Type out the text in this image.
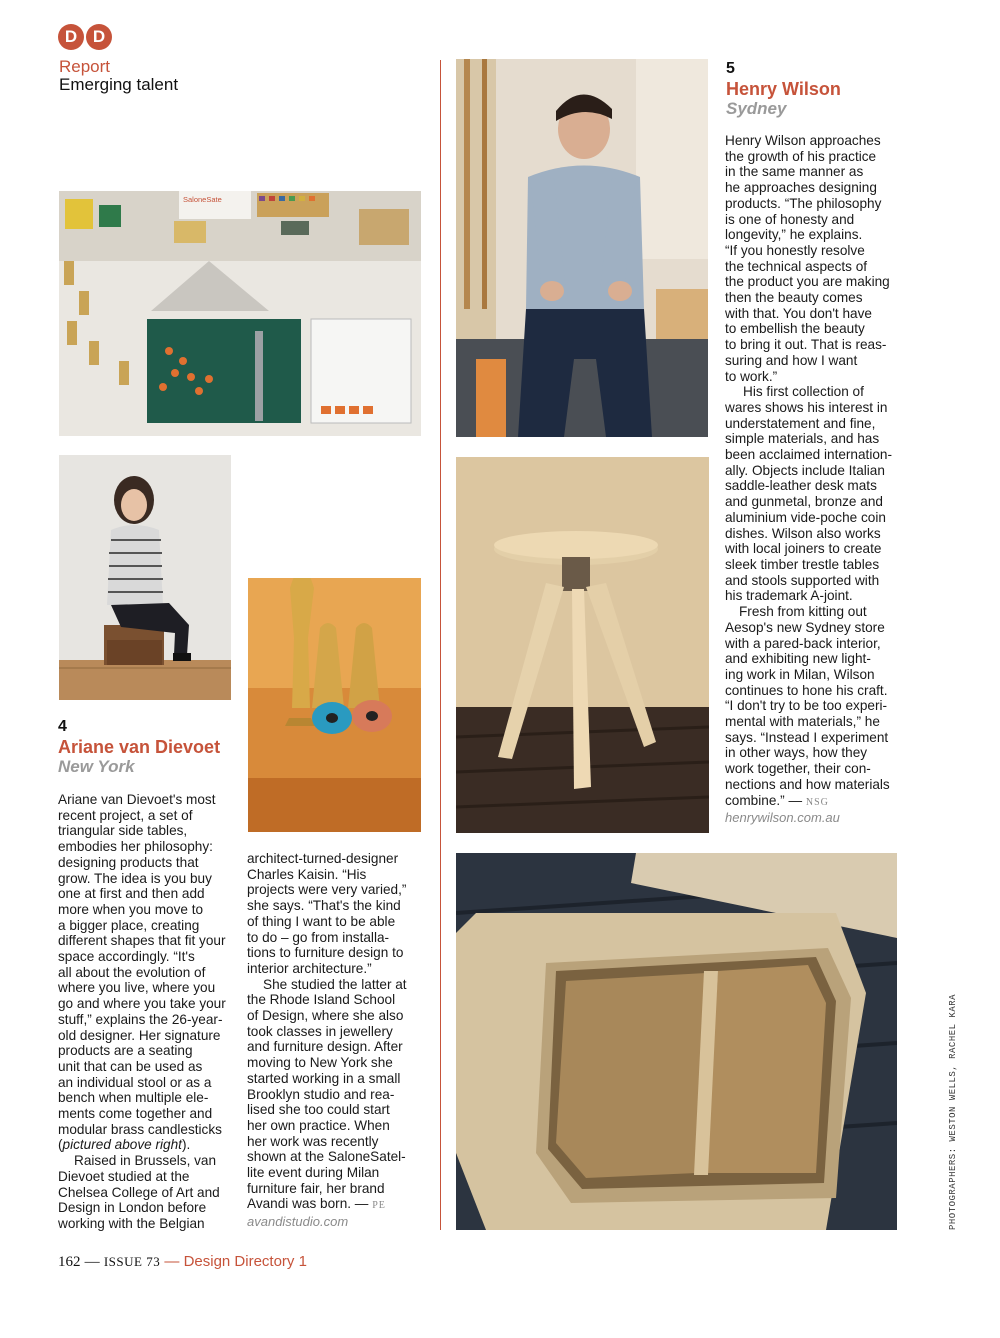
D D
Report
Emerging talent
SaloneSate
4
Ariane van Dievoet
New York

Ariane van Dievoet's most
recent project, a set of
triangular side tables,
embodies her philosophy:
designing products that
grow. The idea is you buy
one at first and then add
more when you move to
a bigger place, creating
different shapes that fit your
space accordingly. “It's
all about the evolution of
where you live, where you
go and where you take your
stuff,” explains the 26-year-
old designer. Her signature
products are a seating
unit that can be used as
an individual stool or as a
bench when multiple ele-
ments come together and
modular brass candlesticks (pictured above right).

Raised in Brussels, van
Dievoet studied at the
Chelsea College of Art and
Design in London before
working with the Belgian

architect-turned-designer
Charles Kaisin. “His
projects were very varied,”
she says. “That's the kind
of thing I want to be able
to do – go from installa-
tions to furniture design to
interior architecture.”

She studied the latter at
the Rhode Island School
of Design, where she also
took classes in jewellery
and furniture design. After
moving to New York she
started working in a small
Brooklyn studio and rea-
lised she too could start
her own practice. When
her work was recently
shown at the SaloneSatel-
lite event during Milan
furniture fair, her brand
Avandi was born. — PE

avandistudio.com
5
Henry Wilson
Sydney

Henry Wilson approaches
the growth of his practice
in the same manner as
he approaches designing
products. “The philosophy
is one of honesty and
longevity,” he explains.
“If you honestly resolve
the technical aspects of
the product you are making
then the beauty comes
with that. You don't have
to embellish the beauty
to bring it out. That is reas-
suring and how I want
to work.”

His first collection of
wares shows his interest in
understatement and fine,
simple materials, and has
been acclaimed internation-
ally. Objects include Italian
saddle-leather desk mats
and gunmetal, bronze and
aluminium vide-poche coin
dishes. Wilson also works
with local joiners to create
sleek timber trestle tables
and stools supported with
his trademark A-joint.

Fresh from kitting out
Aesop's new Sydney store
with a pared-back interior,
and exhibiting new light-
ing work in Milan, Wilson
continues to hone his craft.
“I don't try to be too experi-
mental with materials,” he
says. “Instead I experiment
in other ways, how they
work together, their con-
nections and how materials
combine.” — NSG

henrywilson.com.au
162 — ISSUE 73 — Design Directory 1
PHOTOGRAPHERS: WESTON WELLS, RACHEL KARA
